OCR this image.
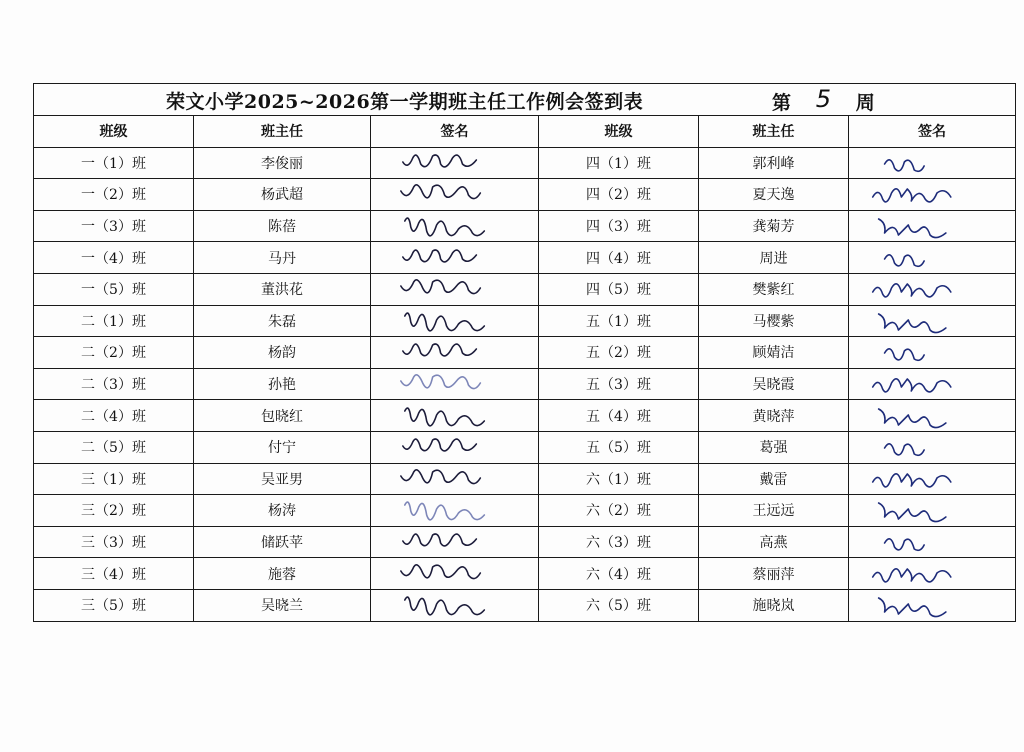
荣文小学2025~2026第一学期班主任工作例会签到表 第 5 周					

班级	班主任	签名	班级	班主任	签名
一（1）班	李俊丽		四（1）班	郭利峰	

一（2）班	杨武超		四（2）班	夏天逸	

一（3）班	陈蓓		四（3）班	龚菊芳	

一（4）班	马丹		四（4）班	周进	

一（5）班	董洪花		四（5）班	樊紫红	

二（1）班	朱磊		五（1）班	马樱紫	

二（2）班	杨韵		五（2）班	顾婧洁	

二（3）班	孙艳		五（3）班	吴晓霞	

二（4）班	包晓红		五（4）班	黄晓萍	

二（5）班	付宁		五（5）班	葛强	

三（1）班	吴亚男		六（1）班	戴雷	

三（2）班	杨涛		六（2）班	王远远	

三（3）班	储跃苹		六（3）班	高燕	

三（4）班	施蓉		六（4）班	蔡丽萍	

三（5）班	吴晓兰		六（5）班	施晓岚	
